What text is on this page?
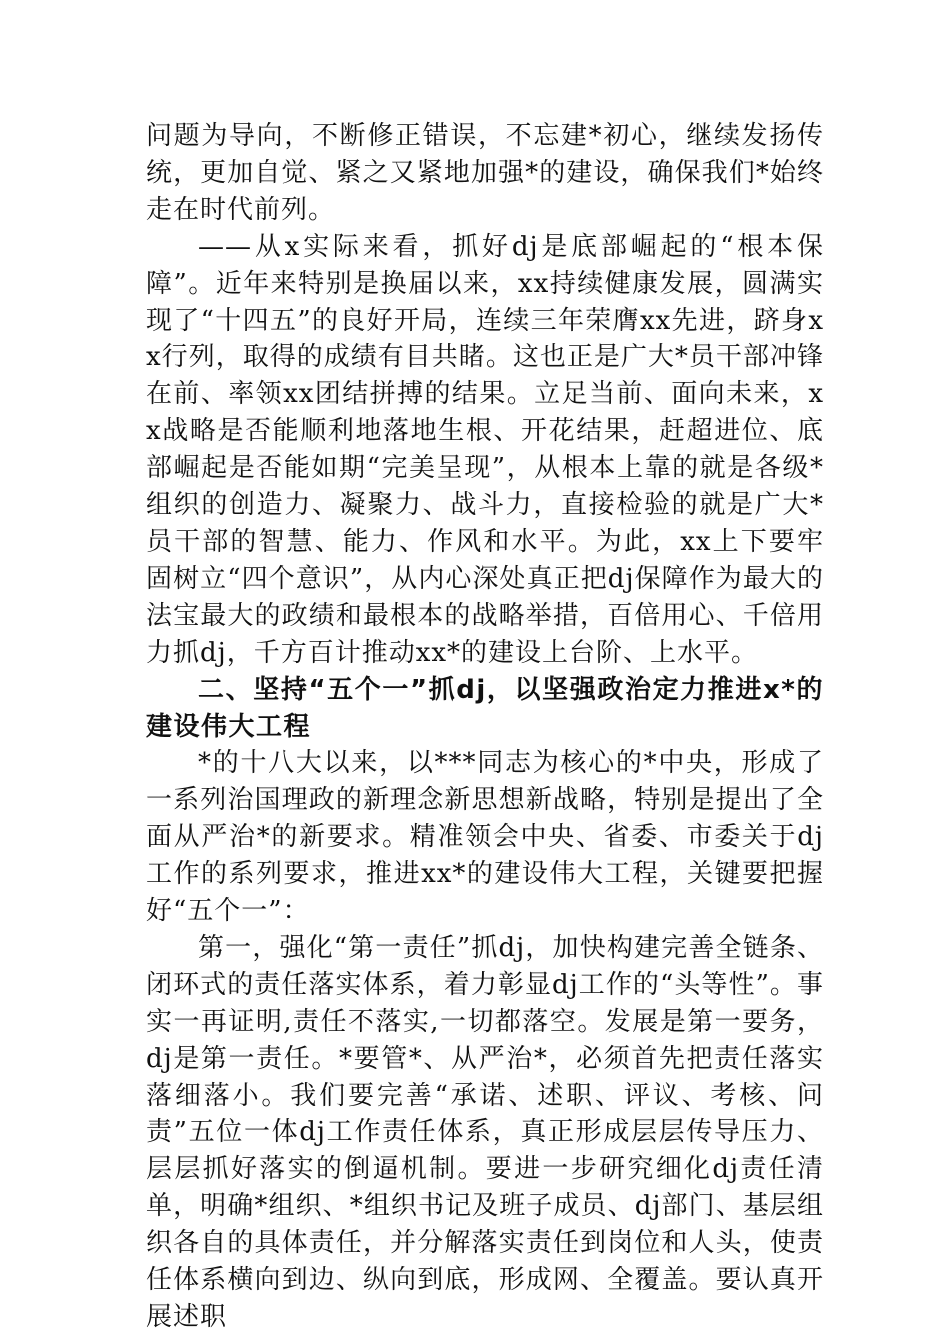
问题为导向，不断修正错误，不忘建*初心，继续发扬传统，更加自觉、紧之又紧地加强*的建设，确保我们*始终走在时代前列。

——从x实际来看，抓好dj是底部崛起的“根本保障”。近年来特别是换届以来，xx持续健康发展，圆满实现了“十四五”的良好开局，连续三年荣膺xx先进，跻身xx行列，取得的成绩有目共睹。这也正是广大*员干部冲锋在前、率领xx团结拼搏的结果。立足当前、面向未来，xx战略是否能顺利地落地生根、开花结果，赶超进位、底部崛起是否能如期“完美呈现”，从根本上靠的就是各级*组织的创造力、凝聚力、战斗力，直接检验的就是广大*员干部的智慧、能力、作风和水平。为此，xx上下要牢固树立“四个意识”，从内心深处真正把dj保障作为最大的法宝最大的政绩和最根本的战略举措，百倍用心、千倍用力抓dj，千方百计推动xx*的建设上台阶、上水平。

二、坚持“五个一”抓dj，以坚强政治定力推进x*的建设伟大工程

*的十八大以来，以***同志为核心的*中央，形成了一系列治国理政的新理念新思想新战略，特别是提出了全面从严治*的新要求。精准领会中央、省委、市委关于dj工作的系列要求，推进xx*的建设伟大工程，关键要把握好“五个一”：

第一，强化“第一责任”抓dj，加快构建完善全链条、闭环式的责任落实体系，着力彰显dj工作的“头等性”。事实一再证明,责任不落实,一切都落空。发展是第一要务，dj是第一责任。*要管*、从严治*，必须首先把责任落实落细落小。我们要完善“承诺、述职、评议、考核、问责”五位一体dj工作责任体系，真正形成层层传导压力、层层抓好落实的倒逼机制。要进一步研究细化dj责任清单，明确*组织、*组织书记及班子成员、dj部门、基层组织各自的具体责任，并分解落实责任到岗位和人头，使责任体系横向到边、纵向到底，形成网、全覆盖。要认真开展述职
